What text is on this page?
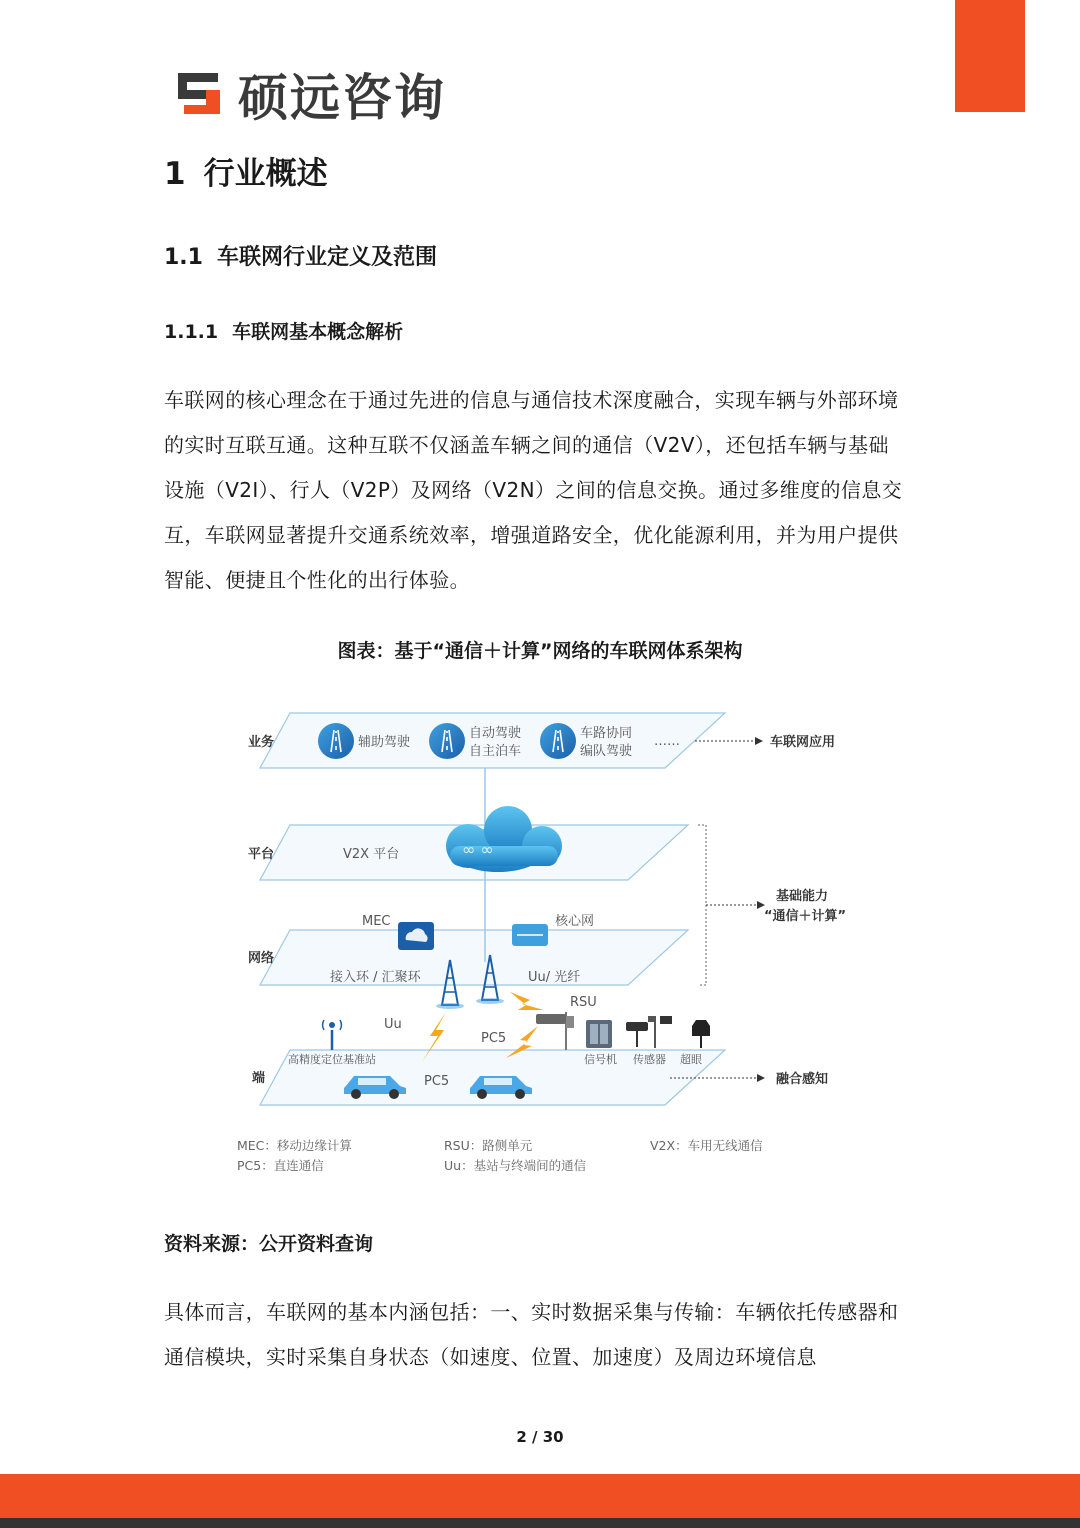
硕远咨询
1 行业概述
1.1 车联网行业定义及范围
1.1.1 车联网基本概念解析

车联网的核心理念在于通过先进的信息与通信技术深度融合，实现车辆与外部环境的实时互联互通。这种互联不仅涵盖车辆之间的通信（V2V），还包括车辆与基础设施（V2I）、行人（V2P）及网络（V2N）之间的信息交换。通过多维度的信息交互，车联网显著提升交通系统效率，增强道路安全，优化能源利用，并为用户提供智能、便捷且个性化的出行体验。

图表：基于“通信＋计算”网络的车联网体系架构

业务
平台
网络
端
辅助驾驶
自动驾驶
自主泊车
车路协同
编队驾驶
……	车联网应用
∞ ∞
V2X 平台
MEC	核心网
接入环 / 汇聚环	Uu/ 光纤
RSU
Uu
PC5
高精度定位基准站	信号机 传感器 超眼
PC5	融合感知
基础能力
“通信＋计算”
MEC：移动边缘计算
PC5：直连通信
RSU：路侧单元
Uu：基站与终端间的通信
V2X：车用无线通信

资料来源：公开资料查询

具体而言，车联网的基本内涵包括：一、实时数据采集与传输：车辆依托传感器和通信模块，实时采集自身状态（如速度、位置、加速度）及周边环境信息

2 / 30
